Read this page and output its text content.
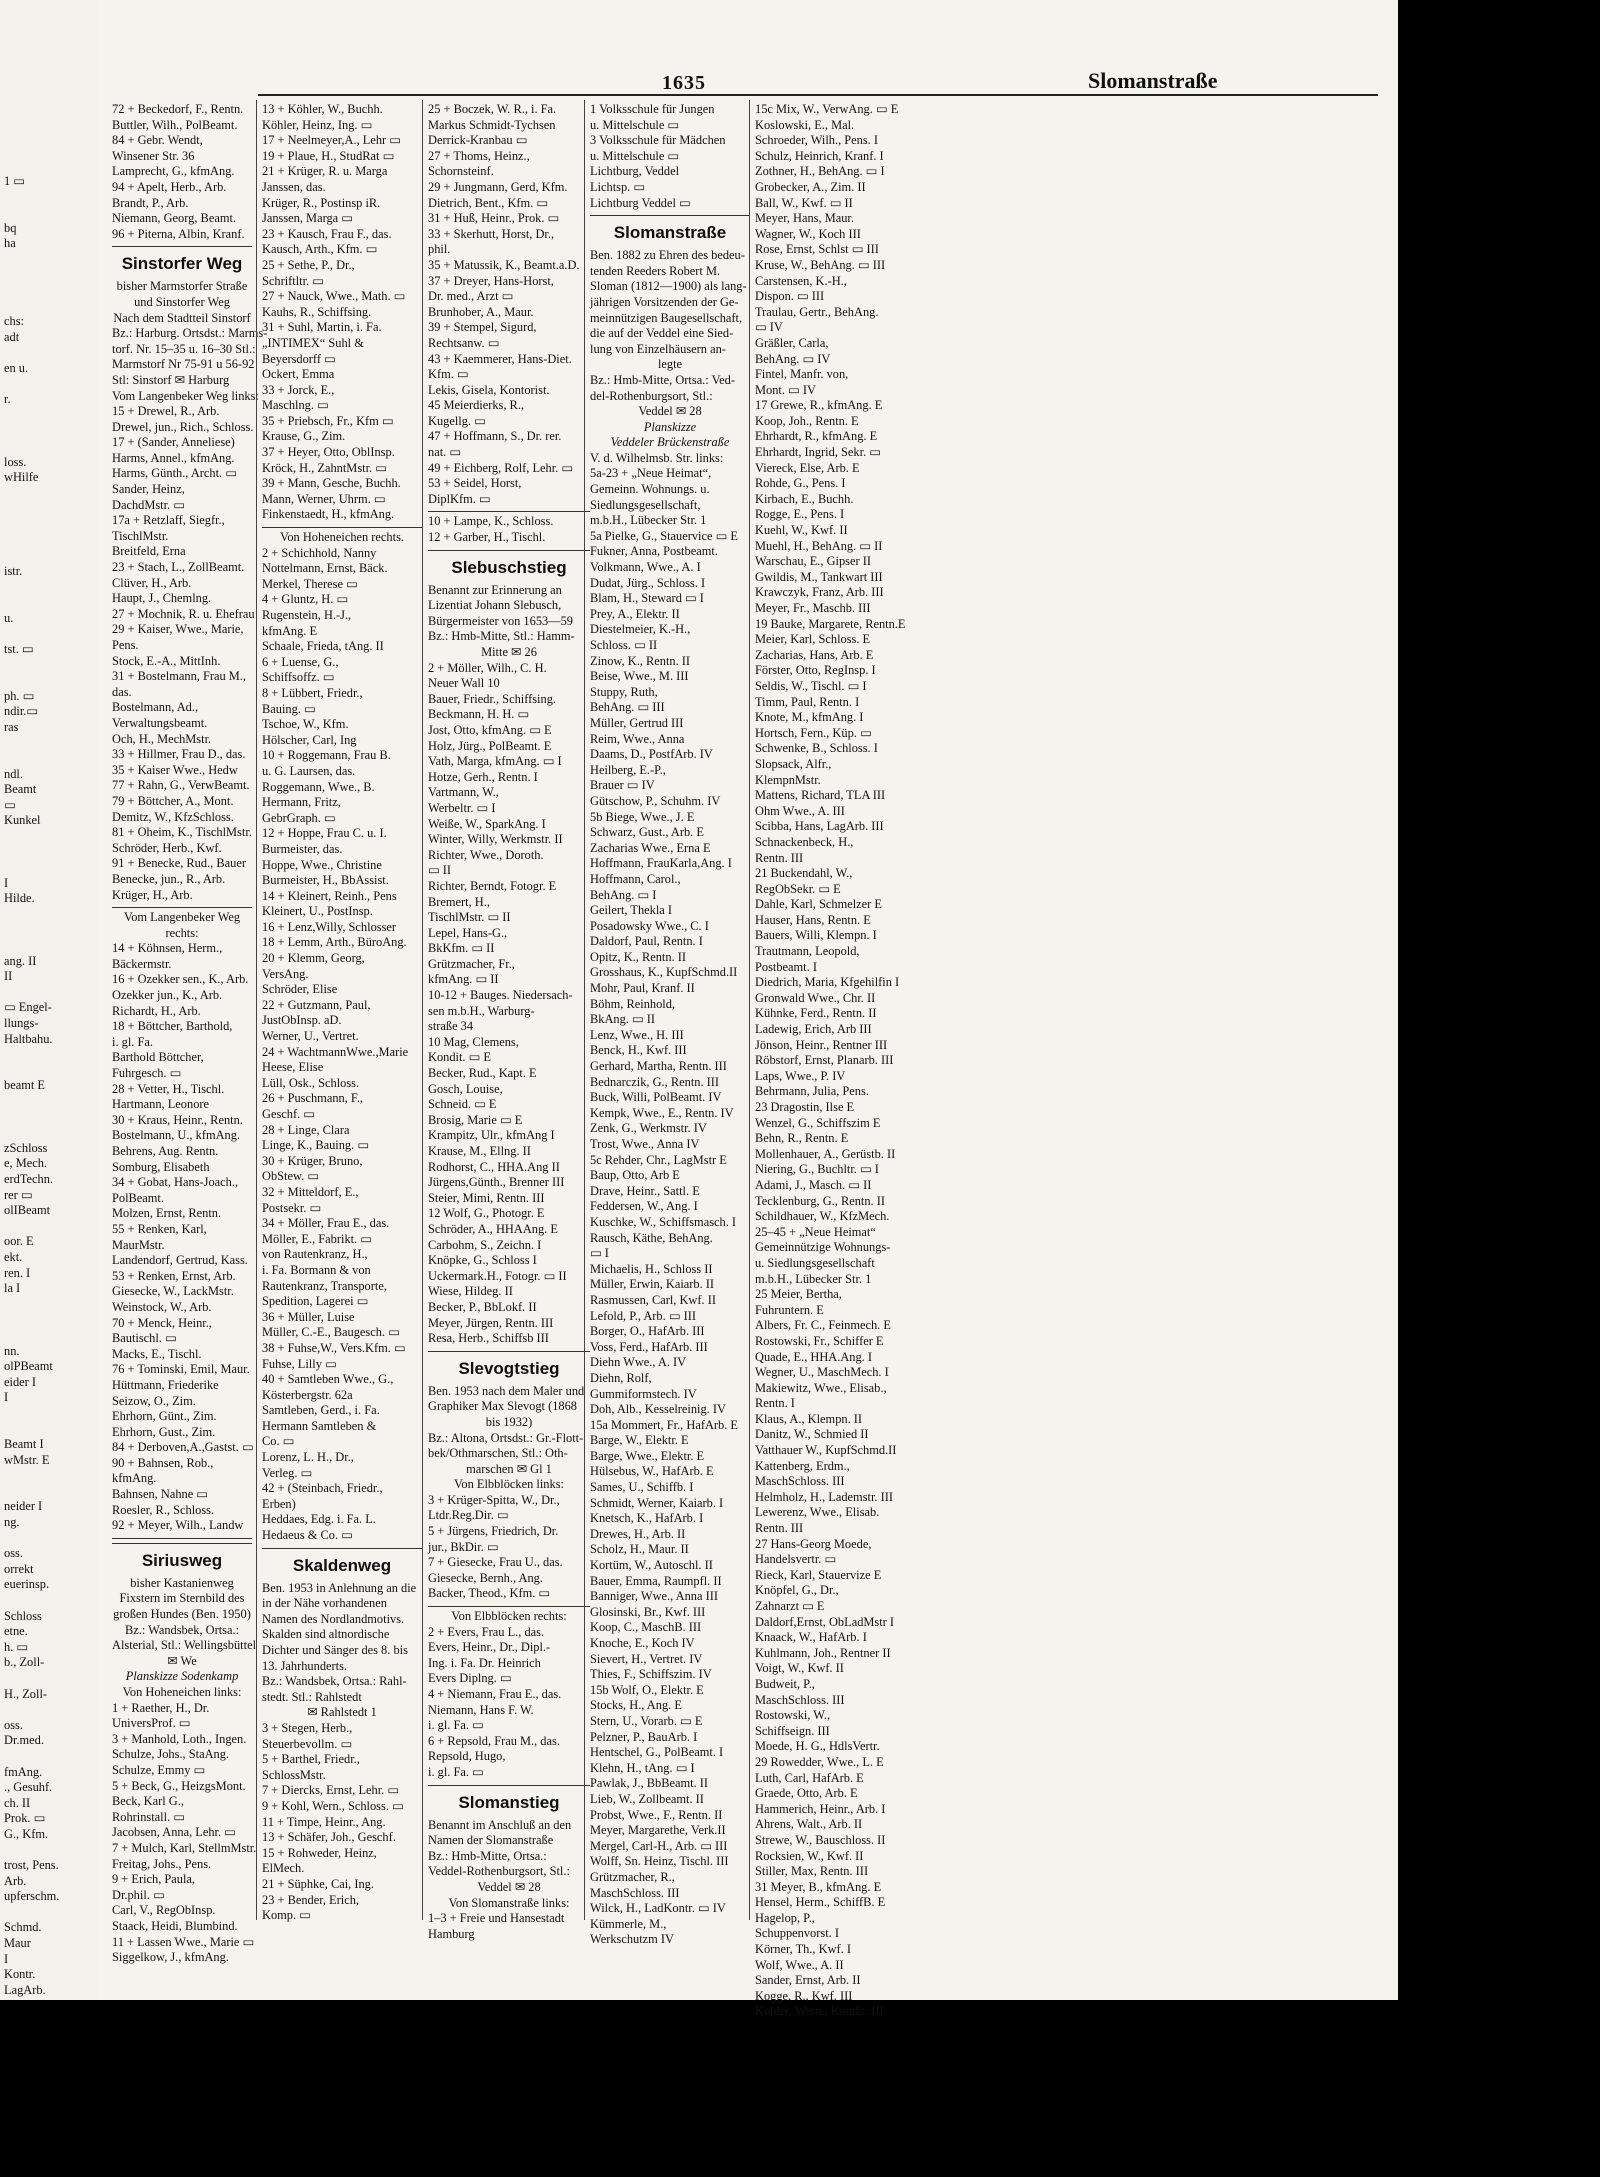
1 ▭
bq
ha
chs:
adt
en u.
r.
loss.
wHilfe
istr.
u.
tst. ▭
ph. ▭
ndir.▭
ras
ndl.
Beamt
▭
Kunkel
I
Hilde.
ang. II
II
▭ Engel-
llungs-
Haltbahu.
beamt E
zSchloss
e, Mech.
erdTechn.
rer ▭
olIBeamt
oor. E
ekt.
ren. I
la I
nn.
olPBeamt
eider I
I
Beamt I
wMstr. E
neider I
ng.
oss.
orrekt
euerinsp.
Schloss
etne.
h. ▭
b., Zoll-
H., Zoll-
oss.
Dr.med.
fmAng.
., Gesuhf.
ch. II
Prok. ▭
G., Kfm.
trost, Pens.
Arb.
upferschm.
Schmd.
Maur
I
Kontr.
LagArb.
1635	Slomanstraße
72 + Beckedorf, F., Rentn.
Buttler, Wilh., PolBeamt.
84 + Gebr. Wendt,
Winsener Str. 36
Lamprecht, G., kfmAng.
94 + Apelt, Herb., Arb.
Brandt, P., Arb.
Niemann, Georg, Beamt.
96 + Piterna, Albin, Kranf.
Sinstorfer Weg
bisher Marmstorfer Straße
und Sinstorfer Weg
Nach dem Stadtteil Sinstorf
Bz.: Harburg. Ortsdst.: Marms-
torf. Nr. 15–35 u. 16–30 Stl.:
Marmstorf Nr 75-91 u 56-92
Stl: Sinstorf ✉ Harburg
Vom Langenbeker Weg links:
15 + Drewel, R., Arb.
Drewel, jun., Rich., Schloss.
17 + (Sander, Anneliese)
Harms, Annel., kfmAng.
Harms, Günth., Archt. ▭
Sander, Heinz,
DachdMstr. ▭
17a + Retzlaff, Siegfr.,
TischlMstr.
Breitfeld, Erna
23 + Stach, L., ZollBeamt.
Clüver, H., Arb.
Haupt, J., Chemlng.
27 + Mochnik, R. u. Ehefrau
29 + Kaiser, Wwe., Marie,
Pens.
Stock, E.-A., MittInh.
31 + Bostelmann, Frau M.,
das.
Bostelmann, Ad.,
Verwaltungsbeamt.
Och, H., MechMstr.
33 + Hillmer, Frau D., das.
35 + Kaiser Wwe., Hedw
77 + Rahn, G., VerwBeamt.
79 + Böttcher, A., Mont.
Demitz, W., KfzSchloss.
81 + Oheim, K., TischlMstr.
Schröder, Herb., Kwf.
91 + Benecke, Rud., Bauer
Benecke, jun., R., Arb.
Krüger, H., Arb.
Vom Langenbeker Weg
rechts:
14 + Köhnsen, Herm.,
Bäckermstr.
16 + Ozekker sen., K., Arb.
Ozekker jun., K., Arb.
Richardt, H., Arb.
18 + Böttcher, Barthold,
i. gl. Fa.
Barthold Böttcher,
Fuhrgesch. ▭
28 + Vetter, H., Tischl.
Hartmann, Leonore
30 + Kraus, Heinr., Rentn.
Bostelmann, U., kfmAng.
Behrens, Aug. Rentn.
Somburg, Elisabeth
34 + Gobat, Hans-Joach.,
PolBeamt.
Molzen, Ernst, Rentn.
55 + Renken, Karl,
MaurMstr.
Landendorf, Gertrud, Kass.
53 + Renken, Ernst, Arb.
Giesecke, W., LackMstr.
Weinstock, W., Arb.
70 + Menck, Heinr.,
Bautischl. ▭
Macks, E., Tischl.
76 + Tominski, Emil, Maur.
Hüttmann, Friederike
Seizow, O., Zim.
Ehrhorn, Günt., Zim.
Ehrhorn, Gust., Zim.
84 + Derboven,A.,Gastst. ▭
90 + Bahnsen, Rob.,
kfmAng.
Bahnsen, Nahne ▭
Roesler, R., Schloss.
92 + Meyer, Wilh., Landw
Siriusweg
bisher Kastanienweg
Fixstern im Sternbild des
großen Hundes (Ben. 1950)
Bz.: Wandsbek, Ortsa.:
Alsterial, Stl.: Wellingsbüttel
✉ We
Planskizze Sodenkamp
Von Hoheneichen links:
1 + Raether, H., Dr.
UniversProf. ▭
3 + Manhold, Loth., Ingen.
Schulze, Johs., StaAng.
Schulze, Emmy ▭
5 + Beck, G., HeizgsMont.
Beck, Karl G.,
Rohrinstall. ▭
Jacobsen, Anna, Lehr. ▭
7 + Mulch, Karl, StellmMstr.
Freitag, Johs., Pens.
9 + Erich, Paula,
Dr.phil. ▭
Carl, V., RegObInsp.
Staack, Heidi, Blumbind.
11 + Lassen Wwe., Marie ▭
Siggelkow, J., kfmAng.
13 + Köhler, W., Buchh.
Köhler, Heinz, Ing. ▭
17 + Neelmeyer,A., Lehr ▭
19 + Plaue, H., StudRat ▭
21 + Krüger, R. u. Marga
Janssen, das.
Krüger, R., Postinsp iR.
Janssen, Marga ▭
23 + Kausch, Frau F., das.
Kausch, Arth., Kfm. ▭
25 + Sethe, P., Dr.,
Schriftltr. ▭
27 + Nauck, Wwe., Math. ▭
Kauhs, R., Schiffsing.
31 + Suhl, Martin, i. Fa.
„INTIMEX“ Suhl &
Beyersdorff ▭
Ockert, Emma
33 + Jorck, E.,
Maschlng. ▭
35 + Priebsch, Fr., Kfm ▭
Krause, G., Zim.
37 + Heyer, Otto, OblInsp.
Kröck, H., ZahntMstr. ▭
39 + Mann, Gesche, Buchh.
Mann, Werner, Uhrm. ▭
Finkenstaedt, H., kfmAng.
Von Hoheneichen rechts.
2 + Schichhold, Nanny
Nottelmann, Ernst, Bäck.
Merkel, Therese ▭
4 + Gluntz, H. ▭
Rugenstein, H.-J.,
kfmAng. E
Schaale, Frieda, tAng. II
6 + Luense, G.,
Schiffsoffz. ▭
8 + Lübbert, Friedr.,
Bauing. ▭
Tschoe, W., Kfm.
Hölscher, Carl, Ing
10 + Roggemann, Frau B.
u. G. Laursen, das.
Roggemann, Wwe., B.
Hermann, Fritz,
GebrGraph. ▭
12 + Hoppe, Frau C. u. I.
Burmeister, das.
Hoppe, Wwe., Christine
Burmeister, H., BbAssist.
14 + Kleinert, Reinh., Pens
Kleinert, U., PostInsp.
16 + Lenz,Willy, Schlosser
18 + Lemm, Arth., BüroAng.
20 + Klemm, Georg,
VersAng.
Schröder, Elise
22 + Gutzmann, Paul,
JustObInsp. aD.
Werner, U., Vertret.
24 + WachtmannWwe.,Marie
Heese, Elise
Lüll, Osk., Schloss.
26 + Puschmann, F.,
Geschf. ▭
28 + Linge, Clara
Linge, K., Bauing. ▭
30 + Krüger, Bruno,
ObStew. ▭
32 + Mitteldorf, E.,
Postsekr. ▭
34 + Möller, Frau E., das.
Möller, E., Fabrikt. ▭
von Rautenkranz, H.,
i. Fa. Bormann & von
Rautenkranz, Transporte,
Spedition, Lagerei ▭
36 + Müller, Luise
Müller, C.-E., Baugesch. ▭
38 + Fuhse,W., Vers.Kfm. ▭
Fuhse, Lilly ▭
40 + Samtleben Wwe., G.,
Kösterbergstr. 62a
Samtleben, Gerd., i. Fa.
Hermann Samtleben &
Co. ▭
Lorenz, L. H., Dr.,
Verleg. ▭
42 + (Steinbach, Friedr.,
Erben)
Heddaes, Edg. i. Fa. L.
Hedaeus & Co. ▭
Skaldenweg
Ben. 1953 in Anlehnung an die
in der Nähe vorhandenen
Namen des Nordlandmotivs.
Skalden sind altnordische
Dichter und Sänger des 8. bis
13. Jahrhunderts.
Bz.: Wandsbek, Ortsa.: Rahl-
stedt. Stl.: Rahlstedt
✉ Rahlstedt 1
3 + Stegen, Herb.,
Steuerbevollm. ▭
5 + Barthel, Friedr.,
SchlossMstr.
7 + Diercks, Ernst, Lehr. ▭
9 + Kohl, Wern., Schloss. ▭
11 + Timpe, Heinr., Ang.
13 + Schäfer, Joh., Geschf.
15 + Rohweder, Heinz,
ElMech.
21 + Süphke, Cai, Ing.
23 + Bender, Erich,
Komp. ▭
25 + Boczek, W. R., i. Fa.
Markus Schmidt-Tychsen
Derrick-Kranbau ▭
27 + Thoms, Heinz.,
Schornsteinf.
29 + Jungmann, Gerd, Kfm.
Dietrich, Bent., Kfm. ▭
31 + Huß, Heinr., Prok. ▭
33 + Skerhutt, Horst, Dr.,
phil.
35 + Matussik, K., Beamt.a.D.
37 + Dreyer, Hans-Horst,
Dr. med., Arzt ▭
Brunhober, A., Maur.
39 + Stempel, Sigurd,
Rechtsanw. ▭
43 + Kaemmerer, Hans-Diet.
Kfm. ▭
Lekis, Gisela, Kontorist.
45 Meierdierks, R.,
Kugellg. ▭
47 + Hoffmann, S., Dr. rer.
nat. ▭
49 + Eichberg, Rolf, Lehr. ▭
53 + Seidel, Horst,
DiplKfm. ▭
10 + Lampe, K., Schloss.
12 + Garber, H., Tischl.
Slebuschstieg
Benannt zur Erinnerung an
Lizentiat Johann Slebusch,
Bürgermeister von 1653—59
Bz.: Hmb-Mitte, Stl.: Hamm-
Mitte ✉ 26
2 + Möller, Wilh., C. H.
Neuer Wall 10
Bauer, Friedr., Schiffsing.
Beckmann, H. H. ▭
Jost, Otto, kfmAng. ▭ E
Holz, Jürg., PolBeamt. E
Vath, Marga, kfmAng. ▭ I
Hotze, Gerh., Rentn. I
Vartmann, W.,
Werbeltr. ▭ I
Weiße, W., SparkAng. I
Winter, Willy, Werkmstr. II
Richter, Wwe., Doroth.
▭ II
Richter, Berndt, Fotogr. E
Bremert, H.,
TischlMstr. ▭ II
Lepel, Hans-G.,
BkKfm. ▭ II
Grützmacher, Fr.,
kfmAng. ▭ II
10-12 + Bauges. Niedersach-
sen m.b.H., Warburg-
straße 34
10 Mag, Clemens,
Kondit. ▭ E
Becker, Rud., Kapt. E
Gosch, Louise,
Schneid. ▭ E
Brosig, Marie ▭ E
Krampitz, Ulr., kfmAng I
Krause, M., Ellng. II
Rodhorst, C., HHA.Ang II
Jürgens,Günth., Brenner III
Steier, Mimi, Rentn. III
12 Wolf, G., Photogr. E
Schröder, A., HHAAng. E
Carbohm, S., Zeichn. I
Knöpke, G., Schloss I
Uckermark.H., Fotogr. ▭ II
Wiese, Hildeg. II
Becker, P., BbLokf. II
Meyer, Jürgen, Rentn. III
Resa, Herb., Schiffsb III
Slevogtstieg
Ben. 1953 nach dem Maler und
Graphiker Max Slevogt (1868
bis 1932)
Bz.: Altona, Ortsdst.: Gr.-Flott-
bek/Othmarschen, Stl.: Oth-
marschen ✉ Gl 1
Von Elbblöcken links:
3 + Krüger-Spitta, W., Dr.,
Ltdr.Reg.Dir. ▭
5 + Jürgens, Friedrich, Dr.
jur., BkDir. ▭
7 + Giesecke, Frau U., das.
Giesecke, Bernh., Ang.
Backer, Theod., Kfm. ▭
Von Elbblöcken rechts:
2 + Evers, Frau L., das.
Evers, Heinr., Dr., Dipl.-
Ing. i. Fa. Dr. Heinrich
Evers Diplng. ▭
4 + Niemann, Frau E., das.
Niemann, Hans F. W.
i. gl. Fa. ▭
6 + Repsold, Frau M., das.
Repsold, Hugo,
i. gl. Fa. ▭
Slomanstieg
Benannt im Anschluß an den
Namen der Slomanstraße
Bz.: Hmb-Mitte, Ortsa.:
Veddel-Rothenburgsort, Stl.:
Veddel ✉ 28
Von Slomanstraße links:
1–3 + Freie und Hansestadt
Hamburg
1 Volksschule für Jungen
u. Mittelschule ▭
3 Volksschule für Mädchen
u. Mittelschule ▭
Lichtburg, Veddel
Lichtsp. ▭
Lichtburg Veddel ▭
Slomanstraße
Ben. 1882 zu Ehren des bedeu-
tenden Reeders Robert M.
Sloman (1812—1900) als lang-
jährigen Vorsitzenden der Ge-
meinnützigen Baugesellschaft,
die auf der Veddel eine Sied-
lung von Einzelhäusern an-
legte
Bz.: Hmb-Mitte, Ortsa.: Ved-
del-Rothenburgsort, Stl.:
Veddel ✉ 28
Planskizze
Veddeler Brückenstraße
V. d. Wilhelmsb. Str. links:
5a-23 + „Neue Heimat“,
Gemeinn. Wohnungs. u.
Siedlungsgesellschaft,
m.b.H., Lübecker Str. 1
5a Pielke, G., Stauervice ▭ E
Fukner, Anna, Postbeamt.
Volkmann, Wwe., A. I
Dudat, Jürg., Schloss. I
Blam, H., Steward ▭ I
Prey, A., Elektr. II
Diestelmeier, K.-H.,
Schloss. ▭ II
Zinow, K., Rentn. II
Beise, Wwe., M. III
Stuppy, Ruth,
BehAng. ▭ III
Müller, Gertrud III
Reim, Wwe., Anna
Daams, D., PostfArb. IV
Heilberg, E.-P.,
Brauer ▭ IV
Gütschow, P., Schuhm. IV
5b Biege, Wwe., J. E
Schwarz, Gust., Arb. E
Zacharias Wwe., Erna E
Hoffmann, FrauKarla,Ang. I
Hoffmann, Carol.,
BehAng. ▭ I
Geilert, Thekla I
Posadowsky Wwe., C. I
Daldorf, Paul, Rentn. I
Opitz, K., Rentn. II
Grosshaus, K., KupfSchmd.II
Mohr, Paul, Kranf. II
Böhm, Reinhold,
BkAng. ▭ II
Lenz, Wwe., H. III
Benck, H., Kwf. III
Gerhard, Martha, Rentn. III
Bednarczik, G., Rentn. III
Buck, Willi, PolBeamt. IV
Kempk, Wwe., E., Rentn. IV
Zenk, G., Werkmstr. IV
Trost, Wwe., Anna IV
5c Rehder, Chr., LagMstr E
Baup, Otto, Arb E
Drave, Heinr., Sattl. E
Feddersen, W., Ang. I
Kuschke, W., Schiffsmasch. I
Rausch, Käthe, BehAng.
▭ I
Michaelis, H., Schloss II
Müller, Erwin, Kaiarb. II
Rasmussen, Carl, Kwf. II
Lefold, P., Arb. ▭ III
Borger, O., HafArb. III
Voss, Ferd., HafArb. III
Diehn Wwe., A. IV
Diehn, Rolf,
Gummiformstech. IV
Doh, Alb., Kesselreinig. IV
15a Mommert, Fr., HafArb. E
Barge, W., Elektr. E
Barge, Wwe., Elektr. E
Hülsebus, W., HafArb. E
Sames, U., Schiffb. I
Schmidt, Werner, Kaiarb. I
Knetsch, K., HafArb. I
Drewes, H., Arb. II
Scholz, H., Maur. II
Kortüm, W., Autoschl. II
Bauer, Emma, Raumpfl. II
Banniger, Wwe., Anna III
Glosinski, Br., Kwf. III
Koop, C., MaschB. III
Knoche, E., Koch IV
Sievert, H., Vertret. IV
Thies, F., Schiffszim. IV
15b Wolf, O., Elektr. E
Stocks, H., Ang. E
Stern, U., Vorarb. ▭ E
Pelzner, P., BauArb. I
Hentschel, G., PolBeamt. I
Klehn, H., tAng. ▭ I
Pawlak, J., BbBeamt. II
Lieb, W., Zollbeamt. II
Probst, Wwe., F., Rentn. II
Meyer, Margarethe, Verk.II
Mergel, Carl-H., Arb. ▭ III
Wolff, Sn. Heinz, Tischl. III
Grützmacher, R.,
MaschSchloss. III
Wilck, H., LadKontr. ▭ IV
Kümmerle, M.,
Werkschutzm IV
15c Mix, W., VerwAng. ▭ E
Koslowski, E., Mal.
Schroeder, Wilh., Pens. I
Schulz, Heinrich, Kranf. I
Zothner, H., BehAng. ▭ I
Grobecker, A., Zim. II
Ball, W., Kwf. ▭ II
Meyer, Hans, Maur.
Wagner, W., Koch III
Rose, Ernst, Schlst ▭ III
Kruse, W., BehAng. ▭ III
Carstensen, K.-H.,
Dispon. ▭ III
Traulau, Gertr., BehAng.
▭ IV
Gräßler, Carla,
BehAng. ▭ IV
Fintel, Manfr. von,
Mont. ▭ IV
17 Grewe, R., kfmAng. E
Koop, Joh., Rentn. E
Ehrhardt, R., kfmAng. E
Ehrhardt, Ingrid, Sekr. ▭
Viereck, Else, Arb. E
Rohde, G., Pens. I
Kirbach, E., Buchh.
Rogge, E., Pens. I
Kuehl, W., Kwf. II
Muehl, H., BehAng. ▭ II
Warschau, E., Gipser II
Gwildis, M., Tankwart III
Krawczyk, Franz, Arb. III
Meyer, Fr., Maschb. III
19 Bauke, Margarete, Rentn.E
Meier, Karl, Schloss. E
Zacharias, Hans, Arb. E
Förster, Otto, RegInsp. I
Seldis, W., Tischl. ▭ I
Timm, Paul, Rentn. I
Knote, M., kfmAng. I
Hortsch, Fern., Küp. ▭
Schwenke, B., Schloss. I
Slopsack, Alfr.,
KlempnMstr.
Mattens, Richard, TLA III
Ohm Wwe., A. III
Scibba, Hans, LagArb. III
Schnackenbeck, H.,
Rentn. III
21 Buckendahl, W.,
RegObSekr. ▭ E
Dahle, Karl, Schmelzer E
Hauser, Hans, Rentn. E
Bauers, Willi, Klempn. I
Trautmann, Leopold,
Postbeamt. I
Diedrich, Maria, Kfgehilfin I
Gronwald Wwe., Chr. II
Kühnke, Ferd., Rentn. II
Ladewig, Erich, Arb III
Jönson, Heinr., Rentner III
Röbstorf, Ernst, Planarb. III
Laps, Wwe., P. IV
Behrmann, Julia, Pens.
23 Dragostin, Ilse E
Wenzel, G., Schiffszim E
Behn, R., Rentn. E
Mollenhauer, A., Gerüstb. II
Niering, G., Buchltr. ▭ I
Adami, J., Masch. ▭ II
Tecklenburg, G., Rentn. II
Schildhauer, W., KfzMech.
25–45 + „Neue Heimat“
Gemeinnützige Wohnungs-
u. Siedlungsgesellschaft
m.b.H., Lübecker Str. 1
25 Meier, Bertha,
Fuhruntern. E
Albers, Fr. C., Feinmech. E
Rostowski, Fr., Schiffer E
Quade, E., HHA.Ang. I
Wegner, U., MaschMech. I
Makiewitz, Wwe., Elisab.,
Rentn. I
Klaus, A., Klempn. II
Danitz, W., Schmied II
Vatthauer W., KupfSchmd.II
Kattenberg, Erdm.,
MaschSchloss. III
Helmholz, H., Lademstr. III
Lewerenz, Wwe., Elisab.
Rentn. III
27 Hans-Georg Moede,
Handelsvertr. ▭
Rieck, Karl, Stauervize E
Knöpfel, G., Dr.,
Zahnarzt ▭ E
Daldorf,Ernst, ObLadMstr I
Knaack, W., HafArb. I
Kuhlmann, Joh., Rentner II
Voigt, W., Kwf. II
Budweit, P.,
MaschSchloss. III
Rostowski, W.,
Schiffseign. III
Moede, H. G., HdlsVertr.
29 Rowedder, Wwe., L. E
Luth, Carl, HafArb. E
Graede, Otto, Arb. E
Hammerich, Heinr., Arb. I
Ahrens, Walt., Arb. II
Strewe, W., Bauschloss. II
Rocksien, W., Kwf. II
Stiller, Max, Rentn. III
31 Meyer, B., kfmAng. E
Hensel, Herm., SchiffB. E
Hagelop, P.,
Schuppenvorst. I
Körner, Th., Kwf. I
Wolf, Wwe., A. II
Sander, Ernst, Arb. II
Kogge, R., Kwf. III
Kohler, Wern., Kondit. III
